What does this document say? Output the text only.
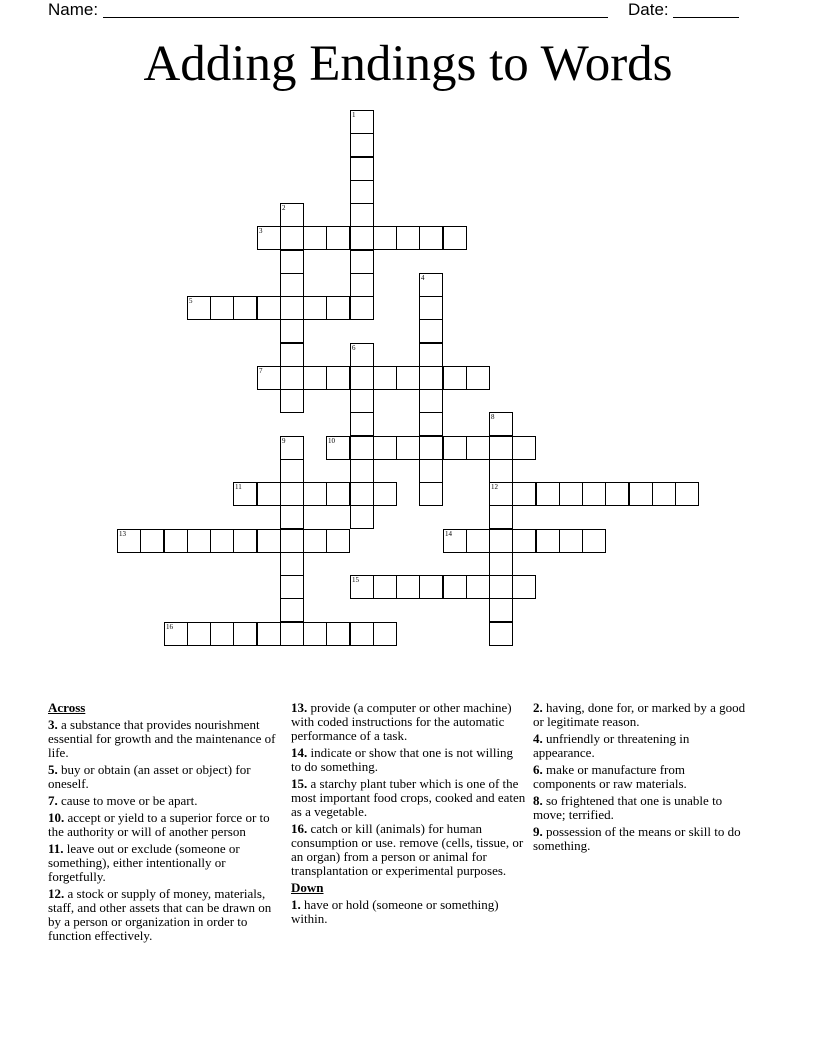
Name:	Date:
Adding Endings to Words
3
5
7
10
11	12
13	14
15
16
1
2
4
6
8
9
Across
3. a substance that provides nourishment essential for growth and the maintenance of life.
5. buy or obtain (an asset or object) for oneself.
7. cause to move or be apart.
10. accept or yield to a superior force or to the authority or will of another person
11. leave out or exclude (someone or something), either intentionally or forgetfully.
12. a stock or supply of money, materials, staff, and other assets that can be drawn on by a person or organization in order to function effectively.
13. provide (a computer or other machine) with coded instructions for the automatic performance of a task.
14. indicate or show that one is not willing to do something.
15. a starchy plant tuber which is one of the most important food crops, cooked and eaten as a vegetable.
16. catch or kill (animals) for human consumption or use. remove (cells, tissue, or an organ) from a person or animal for transplantation or experimental purposes.
Down
1. have or hold (someone or something) within.
2. having, done for, or marked by a good or legitimate reason.
4. unfriendly or threatening in appearance.
6. make or manufacture from components or raw materials.
8. so frightened that one is unable to move; terrified.
9. possession of the means or skill to do something.
